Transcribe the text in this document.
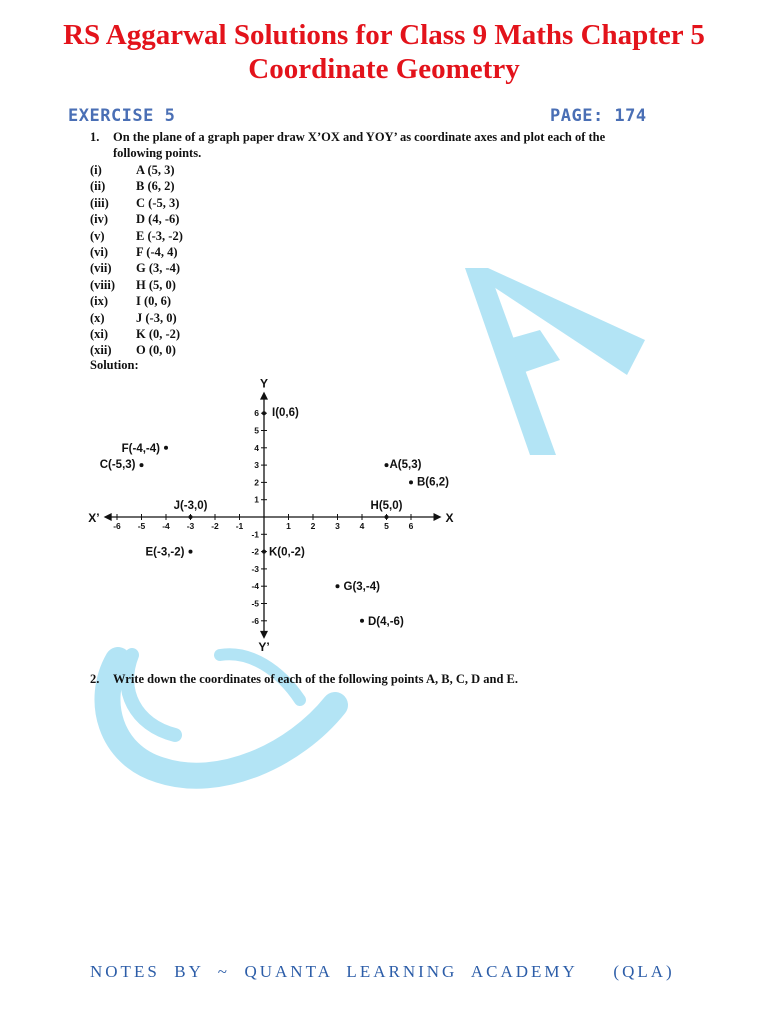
RS Aggarwal Solutions for Class 9 Maths Chapter 5
Coordinate Geometry
EXERCISE 5	PAGE: 174
1. On the plane of a graph paper draw X’OX and YOY’ as coordinate axes and plot each of the
following points.
(i)	A (5, 3)
(ii)	B (6, 2)
(iii)	C (-5, 3)
(iv)	D (4, -6)
(v)	E (-3, -2)
(vi)	F (-4, 4)
(vii)	G (3, -4)
(viii)	H (5, 0)
(ix)	I (0, 6)
(x)	J (-3, 0)
(xi)	K (0, -2)
(xii)	O (0, 0)
Solution:
X
X’
Y
Y’
-6 -5 -4 -3 -2 -1	1 2 3 4 5 6
-6
-5
-4
-3
-2
-1
1
2
3
4
5
6
A(5,3)
B(6,2)
C(-5,3)
D(4,-6)
E(-3,-2)
F(-4,-4)
G(3,-4)
H(5,0)
I(0,6)
J(-3,0)
K(0,-2)
2. Write down the coordinates of each of the following points A, B, C, D and E.
NOTES  BY  ~  QUANTA  LEARNING  ACADEMY     (QLA)
